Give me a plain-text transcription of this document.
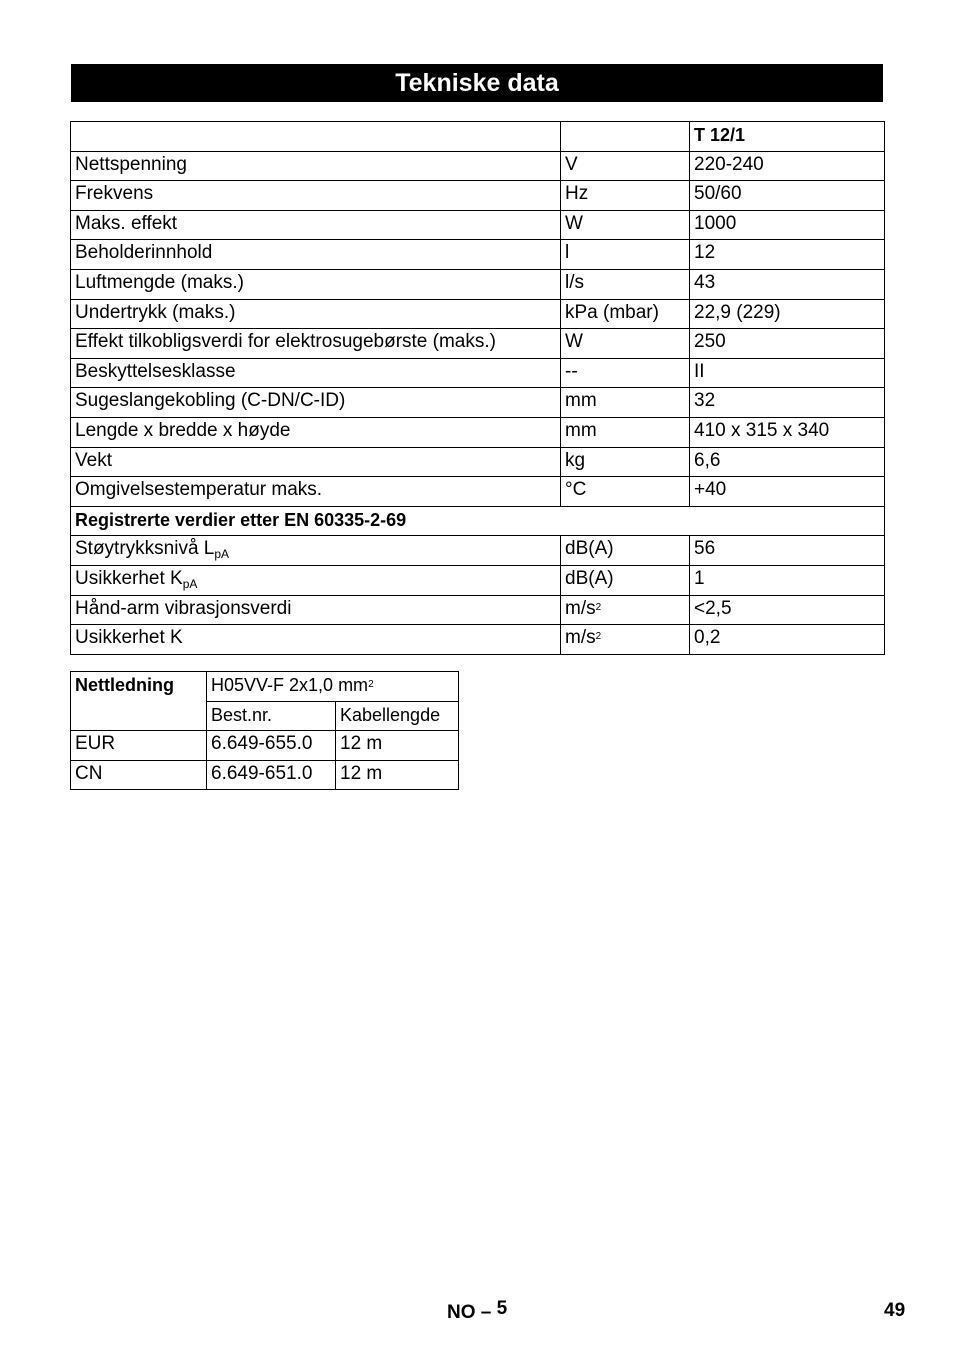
Tekniske data
		T 12/1
Nettspenning	V	220-240
Frekvens	Hz	50/60
Maks. effekt	W	1000
Beholderinnhold	l	12
Luftmengde (maks.)	l/s	43
Undertrykk (maks.)	kPa (mbar)	22,9 (229)
Effekt tilkobligsverdi for elektrosugebørste (maks.)	W	250
Beskyttelsesklasse	--	II
Sugeslangekobling (C-DN/C-ID)	mm	32
Lengde x bredde x høyde	mm	410 x 315 x 340
Vekt	kg	6,6
Omgivelsestemperatur maks.	°C	+40
Registrerte verdier etter EN 60335-2-69		
Støytrykksnivå $L_{pA}$	dB(A)	56
Usikkerhet $K_{pA}$	dB(A)	1
Hånd-arm vibrasjonsverdi	$m/s^2$	<2,5
Usikkerhet K	$m/s^2$	0,2
Nettledning	H05VV-F 2x1,0 $mm^2$
	Best.nr.	Kabellengde
EUR	6.649-655.0	12 m
CN	6.649-651.0	12 m
NO – 5	49
